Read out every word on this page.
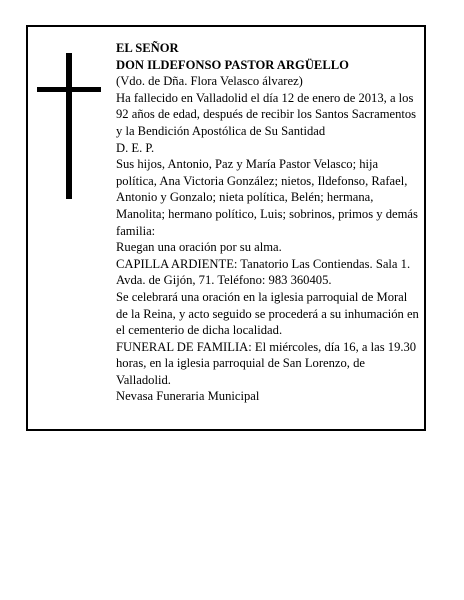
EL SEÑOR

DON ILDEFONSO PASTOR ARGÜELLO

(Vdo. de Dña. Flora Velasco álvarez)

Ha fallecido en Valladolid el día 12 de enero de 2013, a los 92 años de edad, después de recibir los Santos Sacramentos y la Bendición Apostólica de Su Santidad

D. E. P.

Sus hijos, Antonio, Paz y María Pastor Velasco; hija política, Ana Victoria González; nietos, Ildefonso, Rafael, Antonio y Gonzalo; nieta política, Belén; hermana, Manolita; hermano político, Luis; sobrinos, primos y demás familia:

Ruegan una oración por su alma.

CAPILLA ARDIENTE: Tanatorio Las Contiendas. Sala 1. Avda. de Gijón, 71. Teléfono: 983 360405.

Se celebrará una oración en la iglesia parroquial de Moral de la Reina, y acto seguido se procederá a su inhumación en el cementerio de dicha localidad.

FUNERAL DE FAMILIA: El miércoles, día 16, a las 19.30 horas, en la iglesia parroquial de San Lorenzo, de Valladolid.

Nevasa Funeraria Municipal
